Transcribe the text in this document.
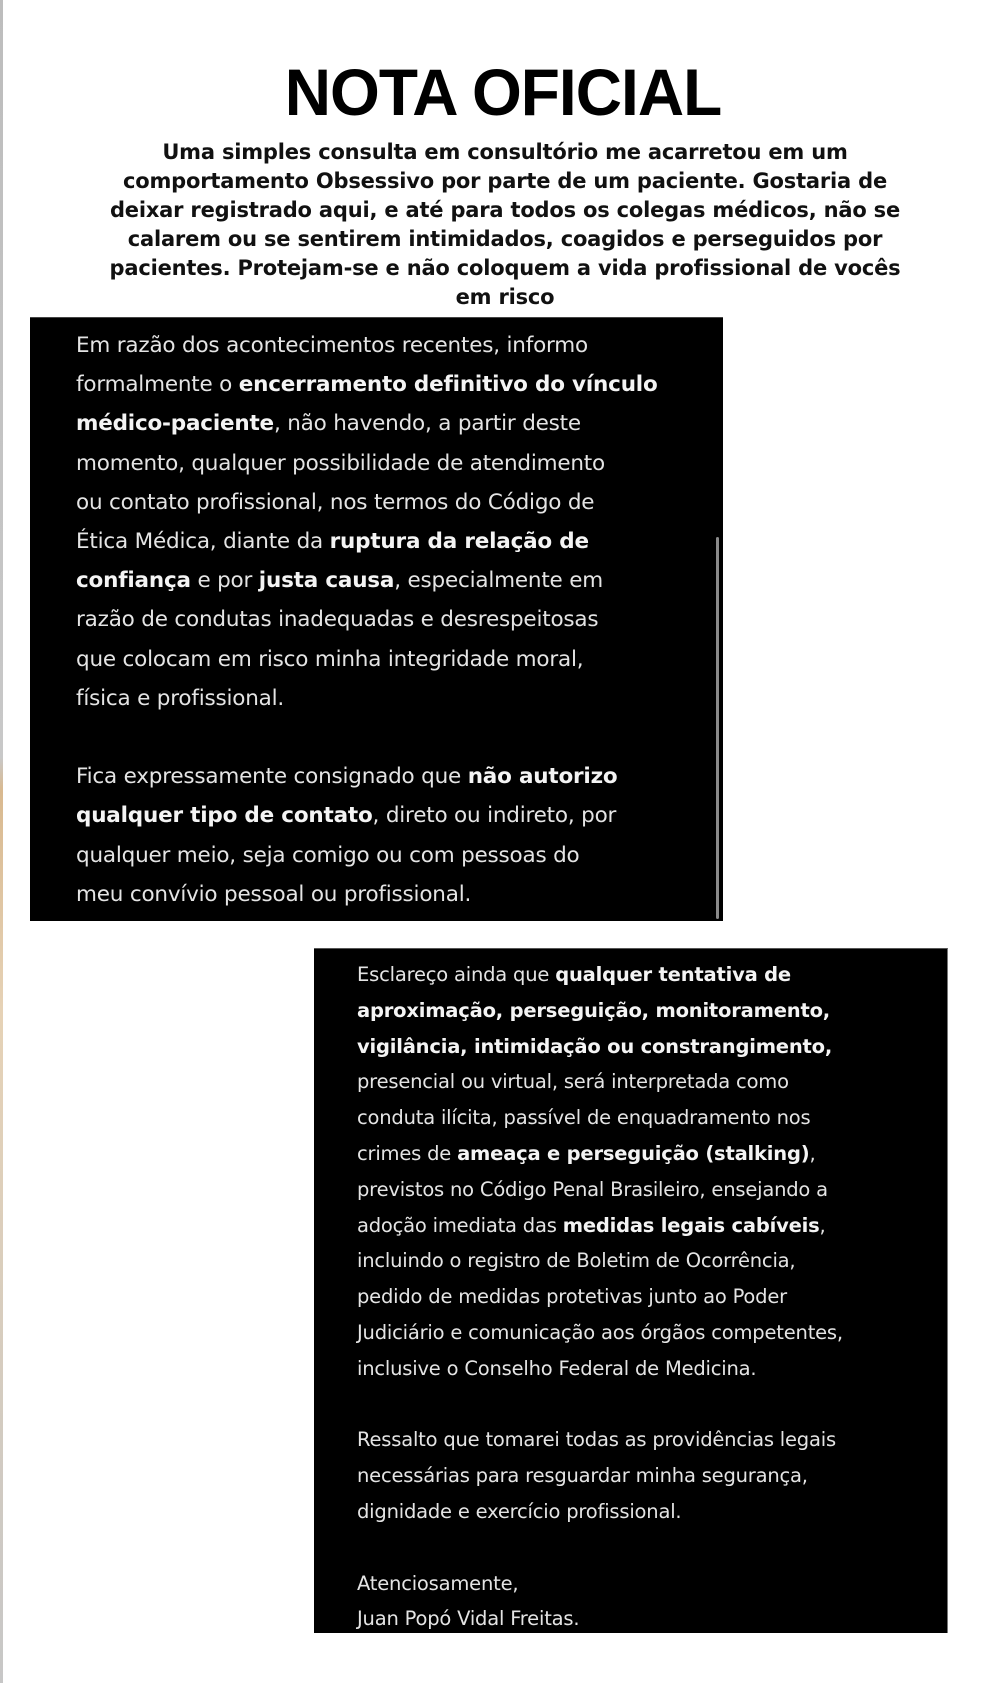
NOTA OFICIAL
Uma simples consulta em consultório me acarretou em um
comportamento Obsessivo por parte de um paciente. Gostaria de
deixar registrado aqui, e até para todos os colegas médicos, não se
calarem ou se sentirem intimidados, coagidos e perseguidos por
pacientes. Protejam-se e não coloquem a vida profissional de vocês
em risco
Em razão dos acontecimentos recentes, informo
formalmente o encerramento definitivo do vínculo
médico-paciente, não havendo, a partir deste
momento, qualquer possibilidade de atendimento
ou contato profissional, nos termos do Código de
Ética Médica, diante da ruptura da relação de
confiança e por justa causa, especialmente em
razão de condutas inadequadas e desrespeitosas
que colocam em risco minha integridade moral,
física e profissional.
Fica expressamente consignado que não autorizo
qualquer tipo de contato, direto ou indireto, por
qualquer meio, seja comigo ou com pessoas do
meu convívio pessoal ou profissional.
Esclareço ainda que qualquer tentativa de
aproximação, perseguição, monitoramento,
vigilância, intimidação ou constrangimento,
presencial ou virtual, será interpretada como
conduta ilícita, passível de enquadramento nos
crimes de ameaça e perseguição (stalking),
previstos no Código Penal Brasileiro, ensejando a
adoção imediata das medidas legais cabíveis,
incluindo o registro de Boletim de Ocorrência,
pedido de medidas protetivas junto ao Poder
Judiciário e comunicação aos órgãos competentes,
inclusive o Conselho Federal de Medicina.
Ressalto que tomarei todas as providências legais
necessárias para resguardar minha segurança,
dignidade e exercício profissional.
Atenciosamente,
Juan Popó Vidal Freitas.
